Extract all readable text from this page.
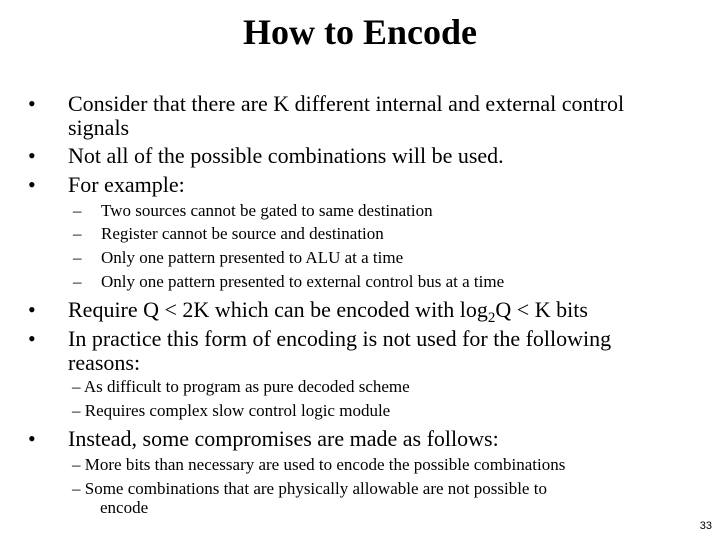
How to Encode
• Consider that there are K different internal and external control
signals
• Not all of the possible combinations will be used.
• For example:
– Two sources cannot be gated to same destination
– Register cannot be source and destination
– Only one pattern presented to ALU at a time
– Only one pattern presented to external control bus at a time
• Require Q < 2K which can be encoded with $\log_2Q < K$ bits
• In practice this form of encoding is not used for the following
reasons:
– As difficult to program as pure decoded scheme
– Requires complex slow control logic module
• Instead, some compromises are made as follows:
– More bits than necessary are used to encode the possible combinations
– Some combinations that are physically allowable are not possible to
encode
33
